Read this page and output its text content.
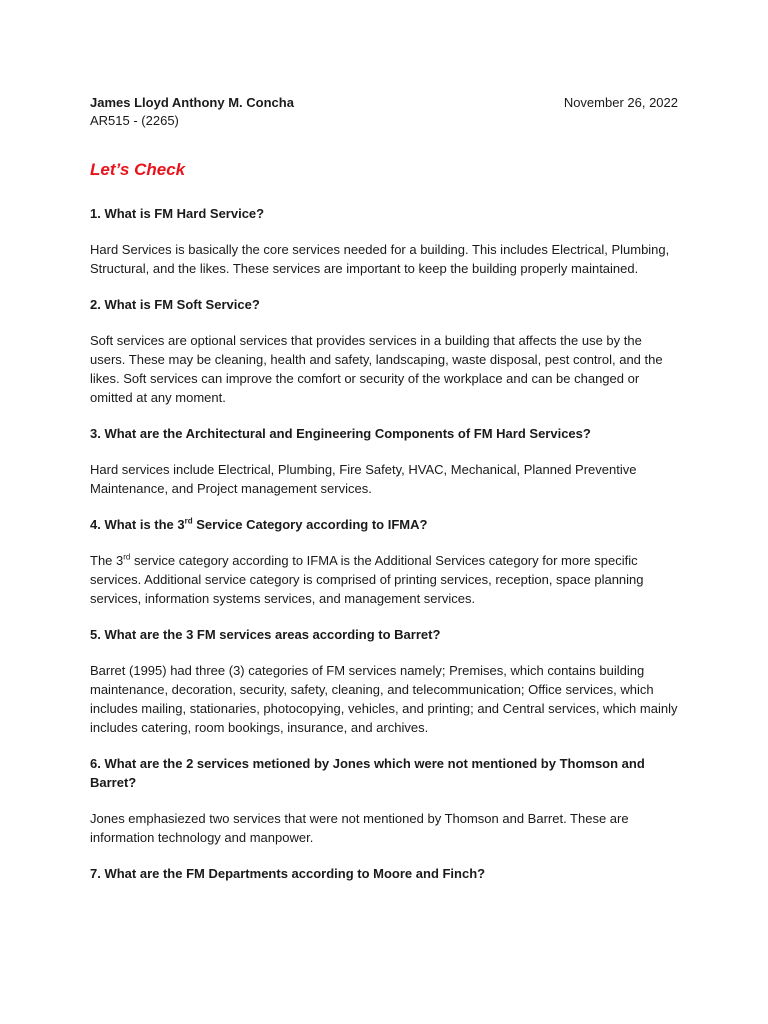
James Lloyd Anthony M. Concha	November 26, 2022
AR515 - (2265)
Let’s Check

1. What is FM Hard Service?

Hard Services is basically the core services needed for a building. This includes Electrical, Plumbing, Structural, and the likes. These services are important to keep the building properly maintained.

2. What is FM Soft Service?

Soft services are optional services that provides services in a building that affects the use by the users. These may be cleaning, health and safety, landscaping, waste disposal, pest control, and the likes. Soft services can improve the comfort or security of the workplace and can be changed or omitted at any moment.

3. What are the Architectural and Engineering Components of FM Hard Services?

Hard services include Electrical, Plumbing, Fire Safety, HVAC, Mechanical, Planned Preventive Maintenance, and Project management services.

4. What is the 3rd Service Category according to IFMA?

The 3rd service category according to IFMA is the Additional Services category for more specific services. Additional service category is comprised of printing services, reception, space planning services, information systems services, and management services.

5. What are the 3 FM services areas according to Barret?

Barret (1995) had three (3) categories of FM services namely; Premises, which contains building maintenance, decoration, security, safety, cleaning, and telecommunication; Office services, which includes mailing, stationaries, photocopying, vehicles, and printing; and Central services, which mainly includes catering, room bookings, insurance, and archives.

6. What are the 2 services metioned by Jones which were not mentioned by Thomson and Barret?

Jones emphasiezed two services that were not mentioned by Thomson and Barret. These are information technology and manpower.

7. What are the FM Departments according to Moore and Finch?
